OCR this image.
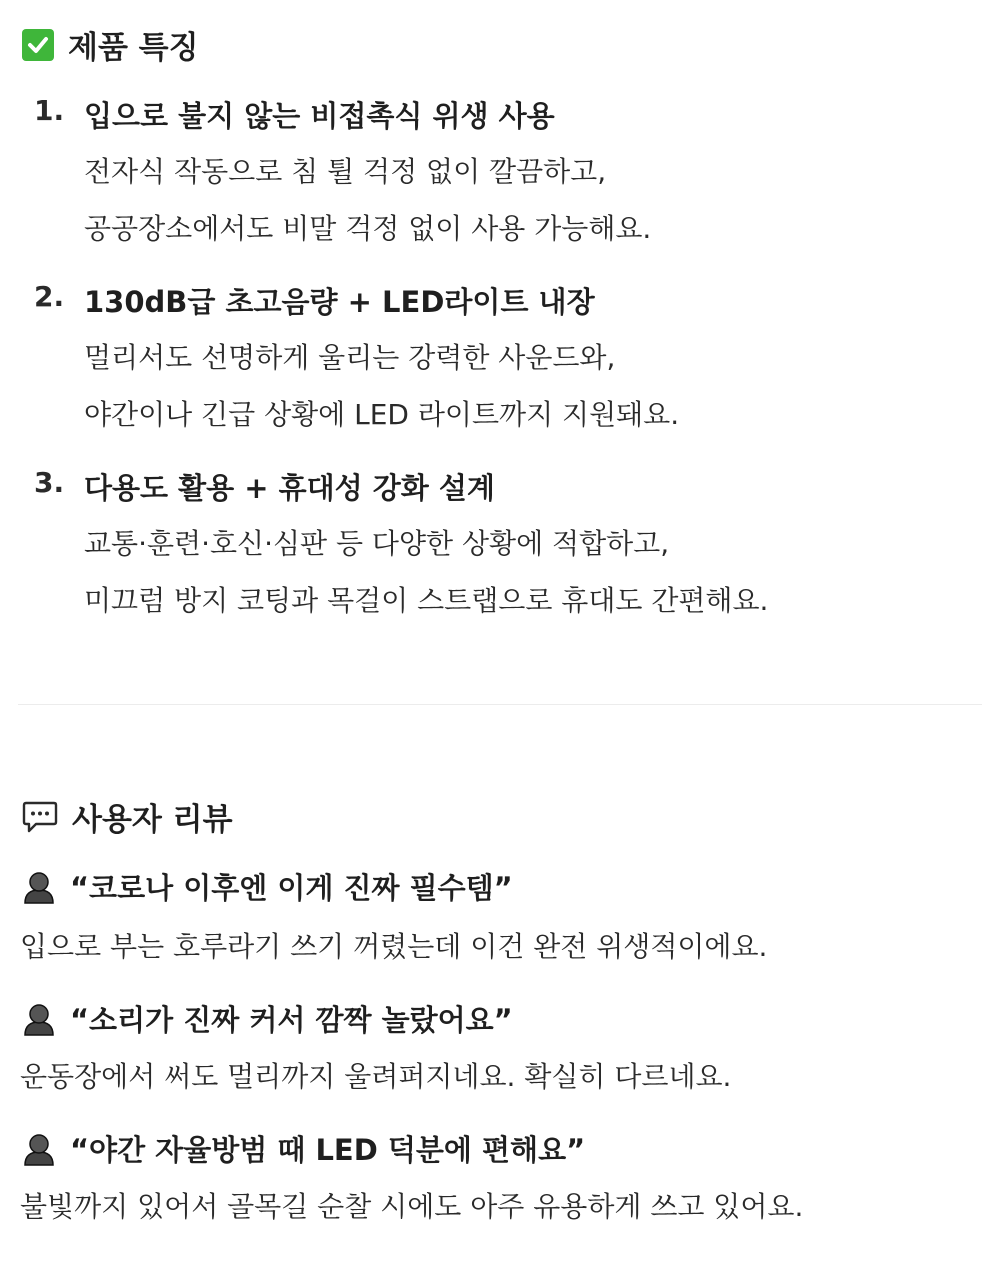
제품 특징
1. 입으로 불지 않는 비접촉식 위생 사용
전자식 작동으로 침 튈 걱정 없이 깔끔하고,
공공장소에서도 비말 걱정 없이 사용 가능해요.
2. 130dB급 초고음량 + LED라이트 내장
멀리서도 선명하게 울리는 강력한 사운드와,
야간이나 긴급 상황에 LED 라이트까지 지원돼요.
3. 다용도 활용 + 휴대성 강화 설계
교통·훈련·호신·심판 등 다양한 상황에 적합하고,
미끄럼 방지 코팅과 목걸이 스트랩으로 휴대도 간편해요.
사용자 리뷰
“코로나 이후엔 이게 진짜 필수템”
입으로 부는 호루라기 쓰기 꺼렸는데 이건 완전 위생적이에요.
“소리가 진짜 커서 깜짝 놀랐어요”
운동장에서 써도 멀리까지 울려퍼지네요. 확실히 다르네요.
“야간 자율방범 때 LED 덕분에 편해요”
불빛까지 있어서 골목길 순찰 시에도 아주 유용하게 쓰고 있어요.
